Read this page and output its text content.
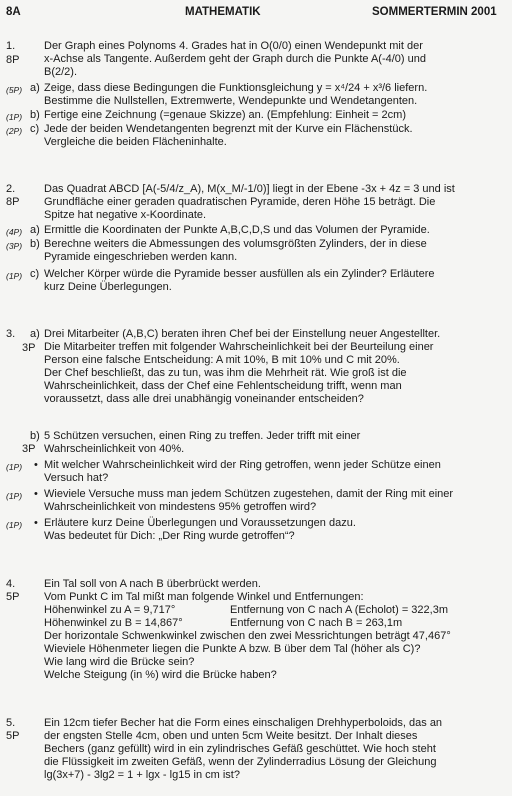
8A	MATHEMATIK	SOMMERTERMIN 2001
1.
8P
Der Graph eines Polynoms 4. Grades hat in O(0/0) einen Wendepunkt mit der
x-Achse als Tangente. Außerdem geht der Graph durch die Punkte A(-4/0) und
B(2/2).
(5P) a) Zeige, dass diese Bedingungen die Funktionsgleichung y = x⁴/24 + x³/6 liefern.
Bestimme die Nullstellen, Extremwerte, Wendepunkte und Wendetangenten.
(1P) b) Fertige eine Zeichnung (=genaue Skizze) an. (Empfehlung: Einheit = 2cm)
(2P) c) Jede der beiden Wendetangenten begrenzt mit der Kurve ein Flächenstück.
Vergleiche die beiden Flächeninhalte.
2.
8P
Das Quadrat ABCD [A(-5/4/z_A), M(x_M/-1/0)] liegt in der Ebene -3x + 4z = 3 und ist
Grundfläche einer geraden quadratischen Pyramide, deren Höhe 15 beträgt. Die
Spitze hat negative x-Koordinate.
(4P) a) Ermittle die Koordinaten der Punkte A,B,C,D,S und das Volumen der Pyramide.
(3P) b) Berechne weiters die Abmessungen des volumsgrößten Zylinders, der in diese
Pyramide eingeschrieben werden kann.
(1P) c) Welcher Körper würde die Pyramide besser ausfüllen als ein Zylinder? Erläutere
kurz Deine Überlegungen.
3. a) Drei Mitarbeiter (A,B,C) beraten ihren Chef bei der Einstellung neuer Angestellter.
3P Die Mitarbeiter treffen mit folgender Wahrscheinlichkeit bei der Beurteilung einer
Person eine falsche Entscheidung: A mit 10%, B mit 10% und C mit 20%.
Der Chef beschließt, das zu tun, was ihm die Mehrheit rät. Wie groß ist die
Wahrscheinlichkeit, dass der Chef eine Fehlentscheidung trifft, wenn man
voraussetzt, dass alle drei unabhängig voneinander entscheiden?
b) 5 Schützen versuchen, einen Ring zu treffen. Jeder trifft mit einer
3P Wahrscheinlichkeit von 40%.
(1P) • Mit welcher Wahrscheinlichkeit wird der Ring getroffen, wenn jeder Schütze einen
Versuch hat?
(1P) • Wieviele Versuche muss man jedem Schützen zugestehen, damit der Ring mit einer
Wahrscheinlichkeit von mindestens 95% getroffen wird?
(1P) • Erläutere kurz Deine Überlegungen und Voraussetzungen dazu.
Was bedeutet für Dich: „Der Ring wurde getroffen“?
4.
5P
Ein Tal soll von A nach B überbrückt werden.
Vom Punkt C im Tal mißt man folgende Winkel und Entfernungen:
Höhenwinkel zu A = 9,717°	Entfernung von C nach A (Echolot) = 322,3m
Höhenwinkel zu B = 14,867°	Entfernung von C nach B = 263,1m
Der horizontale Schwenkwinkel zwischen den zwei Messrichtungen beträgt 47,467°
Wieviele Höhenmeter liegen die Punkte A bzw. B über dem Tal (höher als C)?
Wie lang wird die Brücke sein?
Welche Steigung (in %) wird die Brücke haben?
5.
5P
Ein 12cm tiefer Becher hat die Form eines einschaligen Drehhyperboloids, das an
der engsten Stelle 4cm, oben und unten 5cm Weite besitzt. Der Inhalt dieses
Bechers (ganz gefüllt) wird in ein zylindrisches Gefäß geschüttet. Wie hoch steht
die Flüssigkeit im zweiten Gefäß, wenn der Zylinderradius Lösung der Gleichung
lg(3x+7) - 3lg2 = 1 + lgx - lg15 in cm ist?
